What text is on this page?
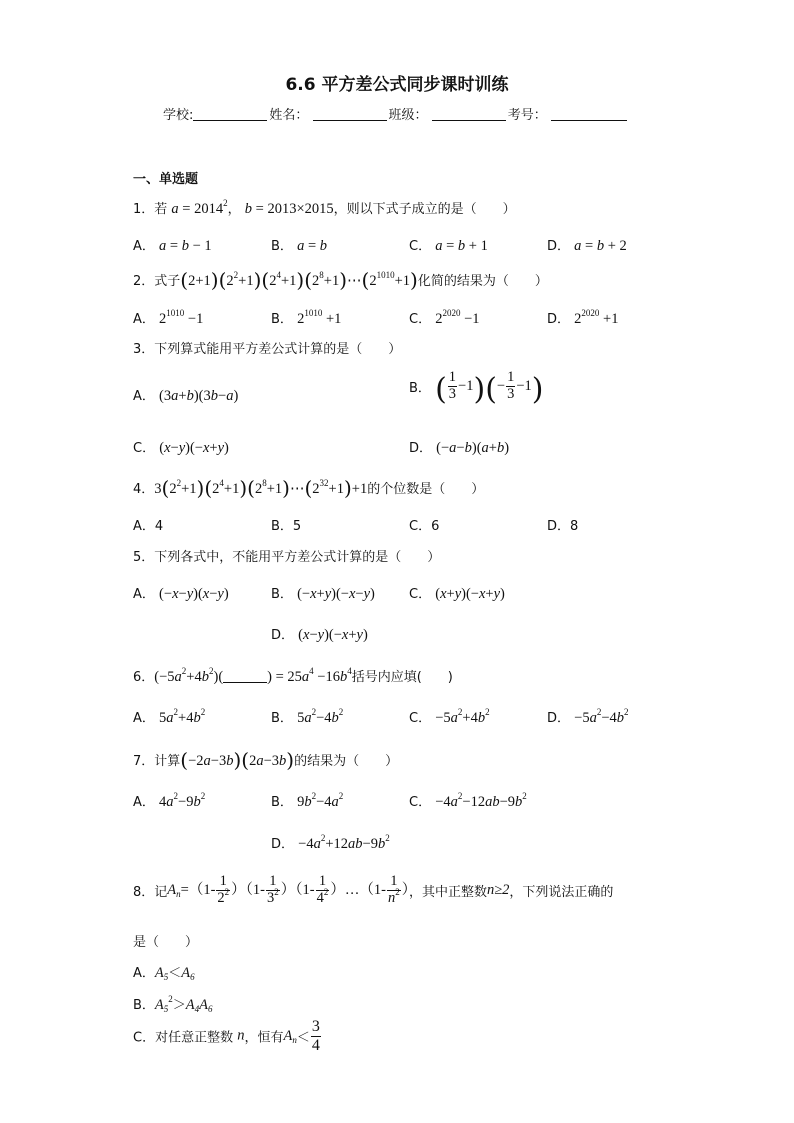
6.6 平方差公式同步课时训练
学校:	姓名：	班级：	考号：
一、单选题
1．若 $a = 2014^2$， b = 2013×2015，则以下式子成立的是（　　）
A． a = b − 1	B． a = b	C． a = b + 1	D． a = b + 2
2．式子$(2+1)(2^2+1)(2^4+1)(2^8+1)\cdots(2^{1010}+1)$化简的结果为（　　）
A． $2^{1010} -1$	B． $2^{1010} +1$	C． $2^{2020} -1$	D． $2^{2020} +1$
3．下列算式能用平方差公式计算的是（　　）
A． (3a+b)(3b−a)	B． ( $\frac{1}{3} -1)(- \frac{1}{3} -1)$
C． (x−y)(−x+y)	D． (−a−b)(a+b)
4．$3(2^2+1)(2^4+1)(2^8+1)\cdots(2^{32}+1)+1$的个位数是（　　）
A．4	B．5	C．6	D．8
5．下列各式中，不能用平方差公式计算的是（　　）
A． (−x−y)(x−y)	B． (−x+y)(−x−y)	C． (x+y)(−x+y)
D． (x−y)(−x+y)
6．$(-5a^2+4b^2)$(	) = $25a^4 -16b^4$括号内应填(　　)
A． $5a^2+4b^2$	B． $5a^2-4b^2$	C． $-5a^2+4b^2$	D． $-5a^2-4b^2$
7．计算(−2a−3b)(2a−3b)的结果为（　　）
A． $4a^2-9b^2$	B． $9b^2-4a^2$	C． $-4a^2-12ab-9b^2$
D． $-4a^2+12ab-9b^2$
8．记$A_n=(1- \frac{1}{2^2} )(1- \frac{1}{3^2} )(1- \frac{1}{4^2}$ ）…（1- $\frac{1}{n^2}$ ），其中正整数n≥2，下列说法正确的
是（　　）
A．$A_5<A_6$
B．$A_5^2>A_4A_6$
C．对任意正整数 n，恒有$A_n< \frac{3}{4}$
